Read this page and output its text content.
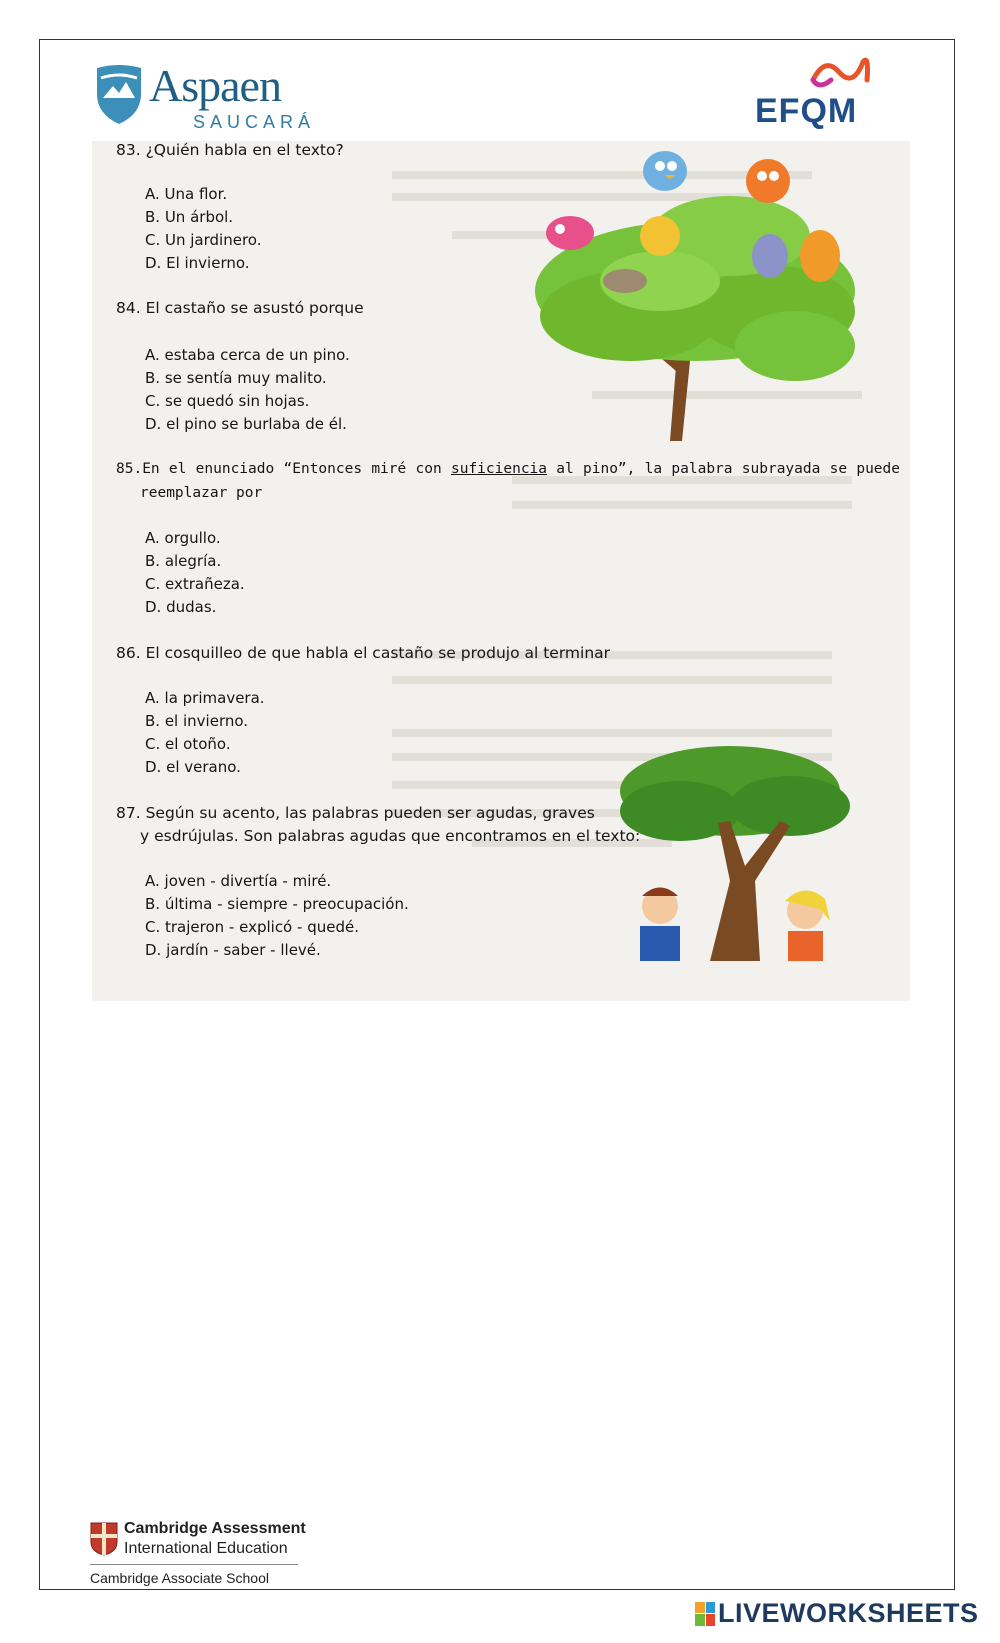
Aspaen
SAUCARÁ	EFQM
83. ¿Quién habla en el texto?
A. Una flor.
B. Un árbol.
C. Un jardinero.
D. El invierno.
84. El castaño se asustó porque
A. estaba cerca de un pino.
B. se sentía muy malito.
C. se quedó sin hojas.
D. el pino se burlaba de él.
85.En el enunciado “Entonces miré con suficiencia al pino”, la palabra subrayada se puede reemplazar por
A. orgullo.
B. alegría.
C. extrañeza.
D. dudas.
86. El cosquilleo de que habla el castaño se produjo al terminar
A. la primavera.
B. el invierno.
C. el otoño.
D. el verano.
87. Según su acento, las palabras pueden ser agudas, graves
y esdrújulas. Son palabras agudas que encontramos en el texto:
A. joven - divertía - miré.
B. última - siempre - preocupación.
C. trajeron - explicó - quedé.
D. jardín - saber - llevé.
Cambridge Assessment
International Education
Cambridge Associate School
LIVEWORKSHEETS
